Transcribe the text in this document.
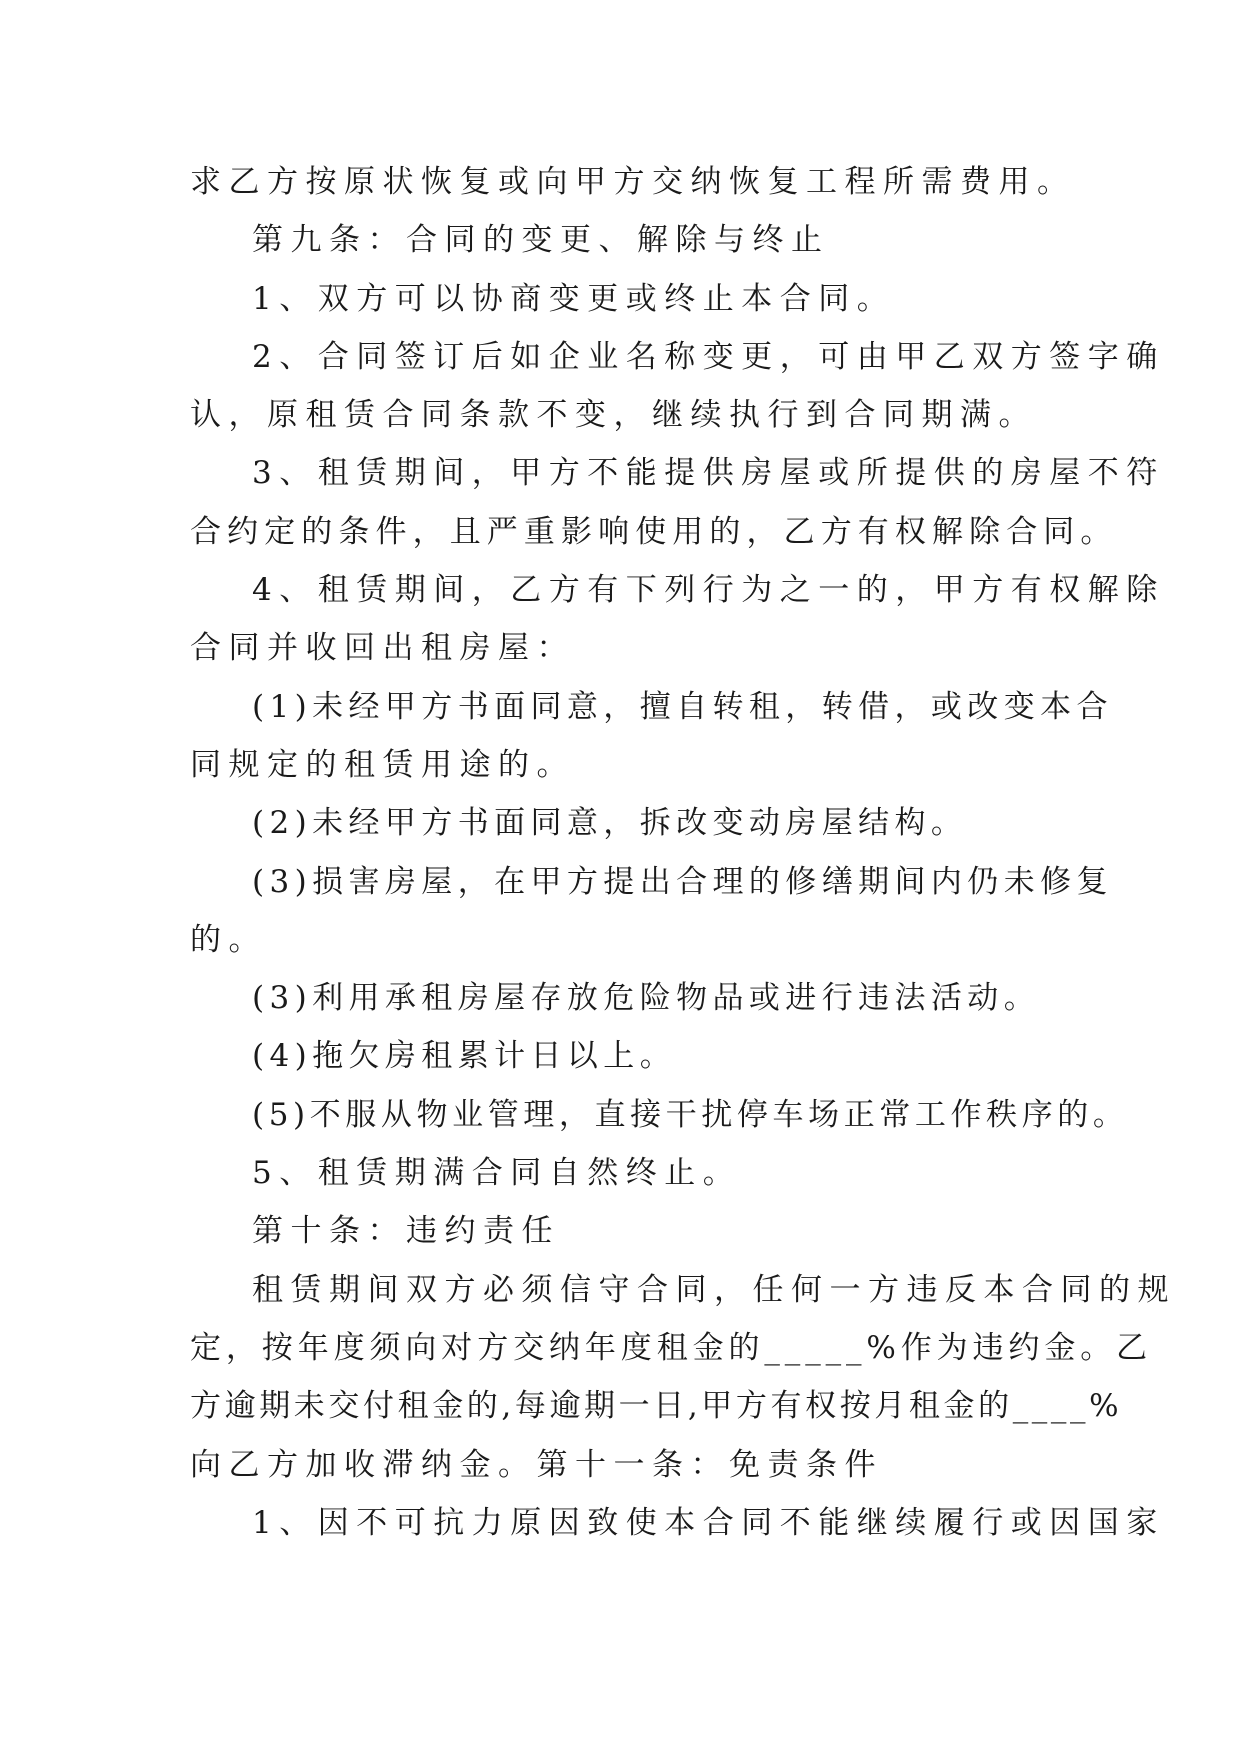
求乙方按原状恢复或向甲方交纳恢复工程所需费用。
第九条：合同的变更、解除与终止
1、双方可以协商变更或终止本合同。
2、合同签订后如企业名称变更，可由甲乙双方签字确
认，原租赁合同条款不变，继续执行到合同期满。
3、租赁期间，甲方不能提供房屋或所提供的房屋不符
合约定的条件，且严重影响使用的，乙方有权解除合同。
4、租赁期间，乙方有下列行为之一的，甲方有权解除
合同并收回出租房屋：
(1)未经甲方书面同意，擅自转租，转借，或改变本合
同规定的租赁用途的。
(2)未经甲方书面同意，拆改变动房屋结构。
(3)损害房屋，在甲方提出合理的修缮期间内仍未修复
的。
(3)利用承租房屋存放危险物品或进行违法活动。
(4)拖欠房租累计日以上。
(5)不服从物业管理，直接干扰停车场正常工作秩序的。
5、租赁期满合同自然终止。
第十条：违约责任
租赁期间双方必须信守合同，任何一方违反本合同的规
定，按年度须向对方交纳年度租金的_____%作为违约金。乙
方逾期未交付租金的,每逾期一日,甲方有权按月租金的____%
向乙方加收滞纳金。第十一条：免责条件
1、因不可抗力原因致使本合同不能继续履行或因国家
